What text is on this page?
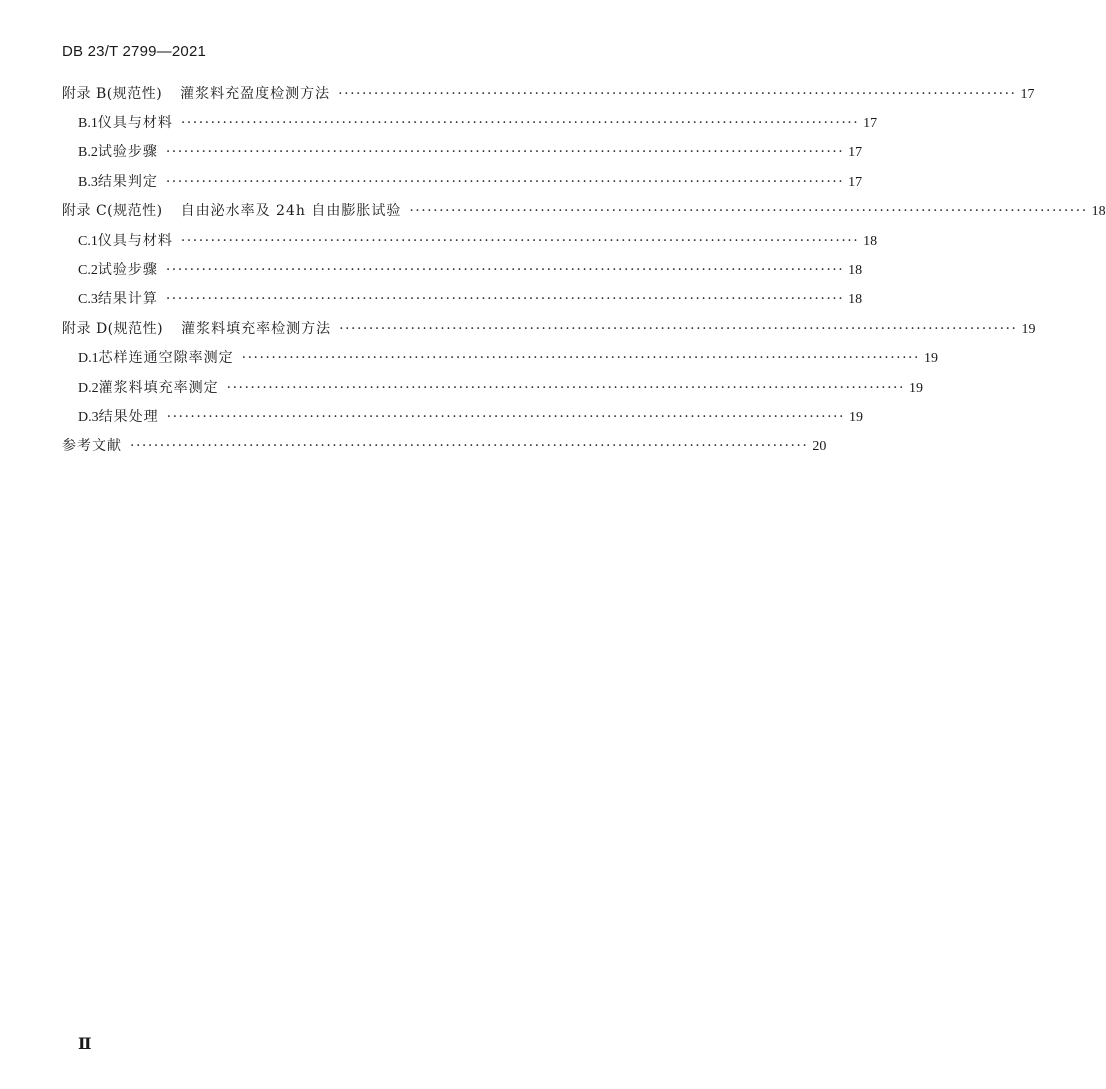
DB 23/T 2799—2021
附录 B(规范性) 灌浆料充盈度检测方法 ·················································································································· 17
B.1 仪具与材料 ·················································································································· 17
B.2 试验步骤 ·················································································································· 17
B.3 结果判定 ·················································································································· 17
附录 C(规范性) 自由泌水率及 24h 自由膨胀试验 ·················································································································· 18
C.1 仪具与材料 ·················································································································· 18
C.2 试验步骤 ·················································································································· 18
C.3 结果计算 ·················································································································· 18
附录 D(规范性) 灌浆料填充率检测方法 ·················································································································· 19
D.1 芯样连通空隙率测定 ·················································································································· 19
D.2 灌浆料填充率测定 ·················································································································· 19
D.3 结果处理 ·················································································································· 19
参考文献 ·················································································································· 20
Ⅱ
